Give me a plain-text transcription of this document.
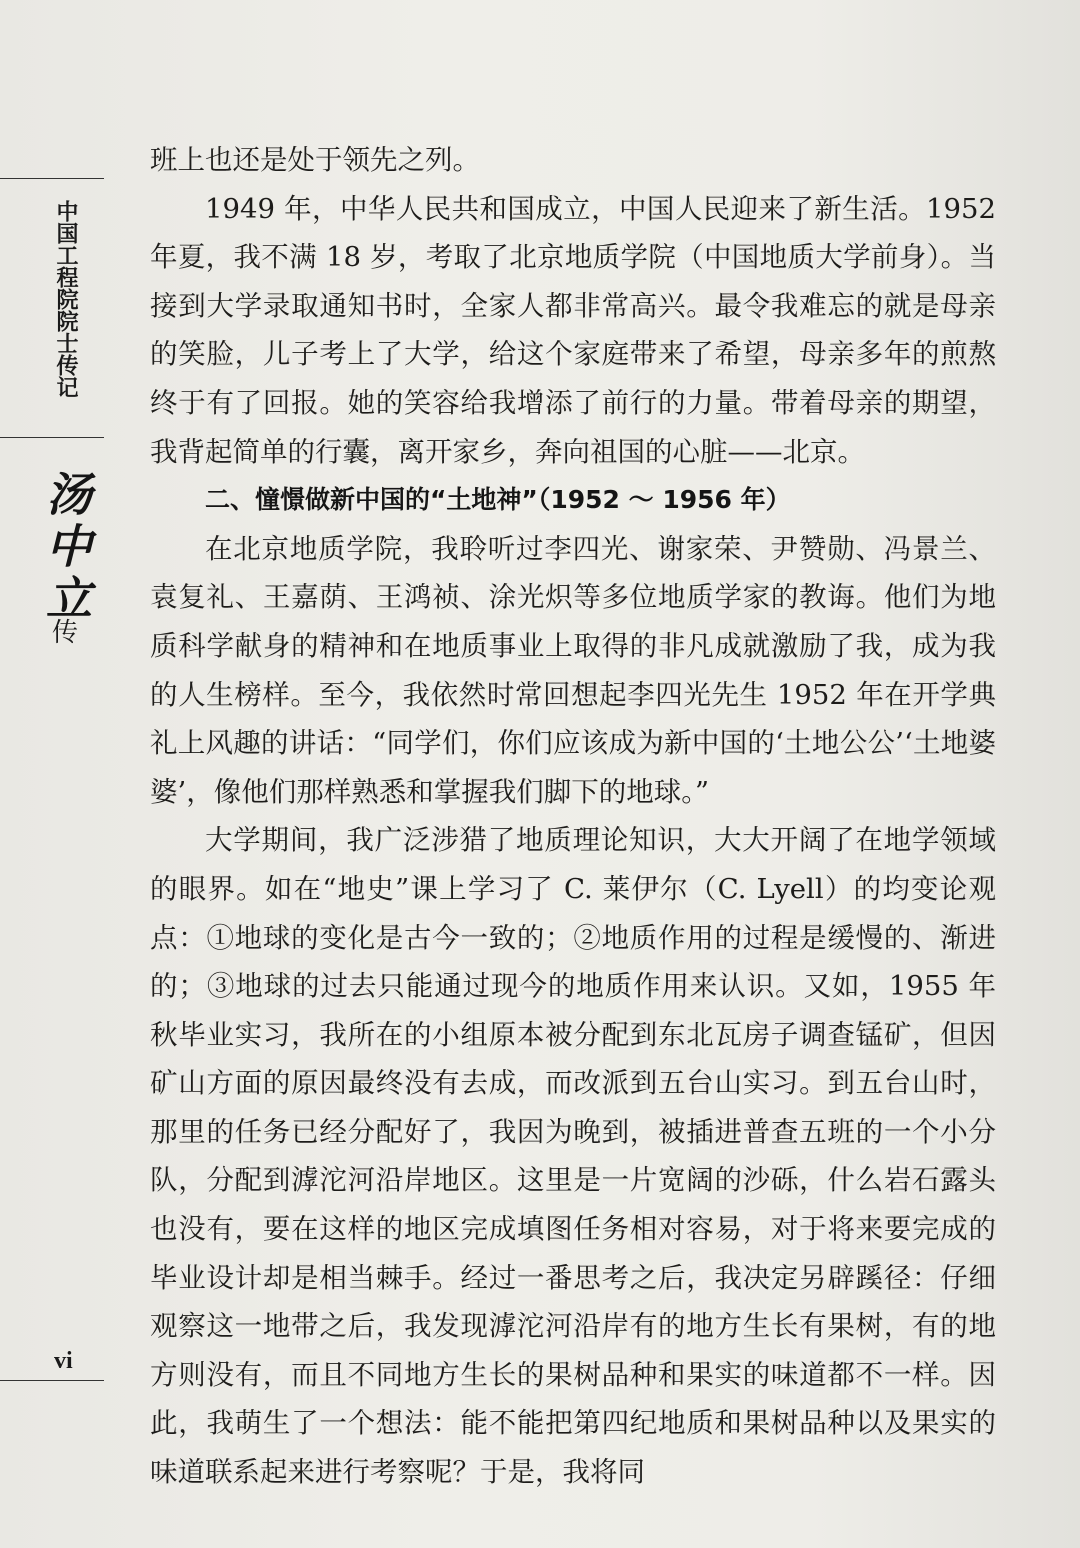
中国工程院院士传记
汤中立
传
vi

班上也还是处于领先之列。

1949 年，中华人民共和国成立，中国人民迎来了新生活。1952 年夏，我不满 18 岁，考取了北京地质学院（中国地质大学前身）。当接到大学录取通知书时，全家人都非常高兴。最令我难忘的就是母亲的笑脸，儿子考上了大学，给这个家庭带来了希望，母亲多年的煎熬终于有了回报。她的笑容给我增添了前行的力量。带着母亲的期望，我背起简单的行囊，离开家乡，奔向祖国的心脏——北京。

二、憧憬做新中国的“土地神”（1952 ～ 1956 年）

在北京地质学院，我聆听过李四光、谢家荣、尹赞勋、冯景兰、袁复礼、王嘉荫、王鸿祯、涂光炽等多位地质学家的教诲。他们为地质科学献身的精神和在地质事业上取得的非凡成就激励了我，成为我的人生榜样。至今，我依然时常回想起李四光先生 1952 年在开学典礼上风趣的讲话：“同学们，你们应该成为新中国的‘土地公公’‘土地婆婆’，像他们那样熟悉和掌握我们脚下的地球。”

大学期间，我广泛涉猎了地质理论知识，大大开阔了在地学领域的眼界。如在“地史”课上学习了 C. 莱伊尔（C. Lyell）的均变论观点：①地球的变化是古今一致的；②地质作用的过程是缓慢的、渐进的；③地球的过去只能通过现今的地质作用来认识。又如，1955 年秋毕业实习，我所在的小组原本被分配到东北瓦房子调查锰矿，但因矿山方面的原因最终没有去成，而改派到五台山实习。到五台山时，那里的任务已经分配好了，我因为晚到，被插进普查五班的一个小分队，分配到滹沱河沿岸地区。这里是一片宽阔的沙砾，什么岩石露头也没有，要在这样的地区完成填图任务相对容易，对于将来要完成的毕业设计却是相当棘手。经过一番思考之后，我决定另辟蹊径：仔细观察这一地带之后，我发现滹沱河沿岸有的地方生长有果树，有的地方则没有，而且不同地方生长的果树品种和果实的味道都不一样。因此，我萌生了一个想法：能不能把第四纪地质和果树品种以及果实的味道联系起来进行考察呢？于是，我将同
